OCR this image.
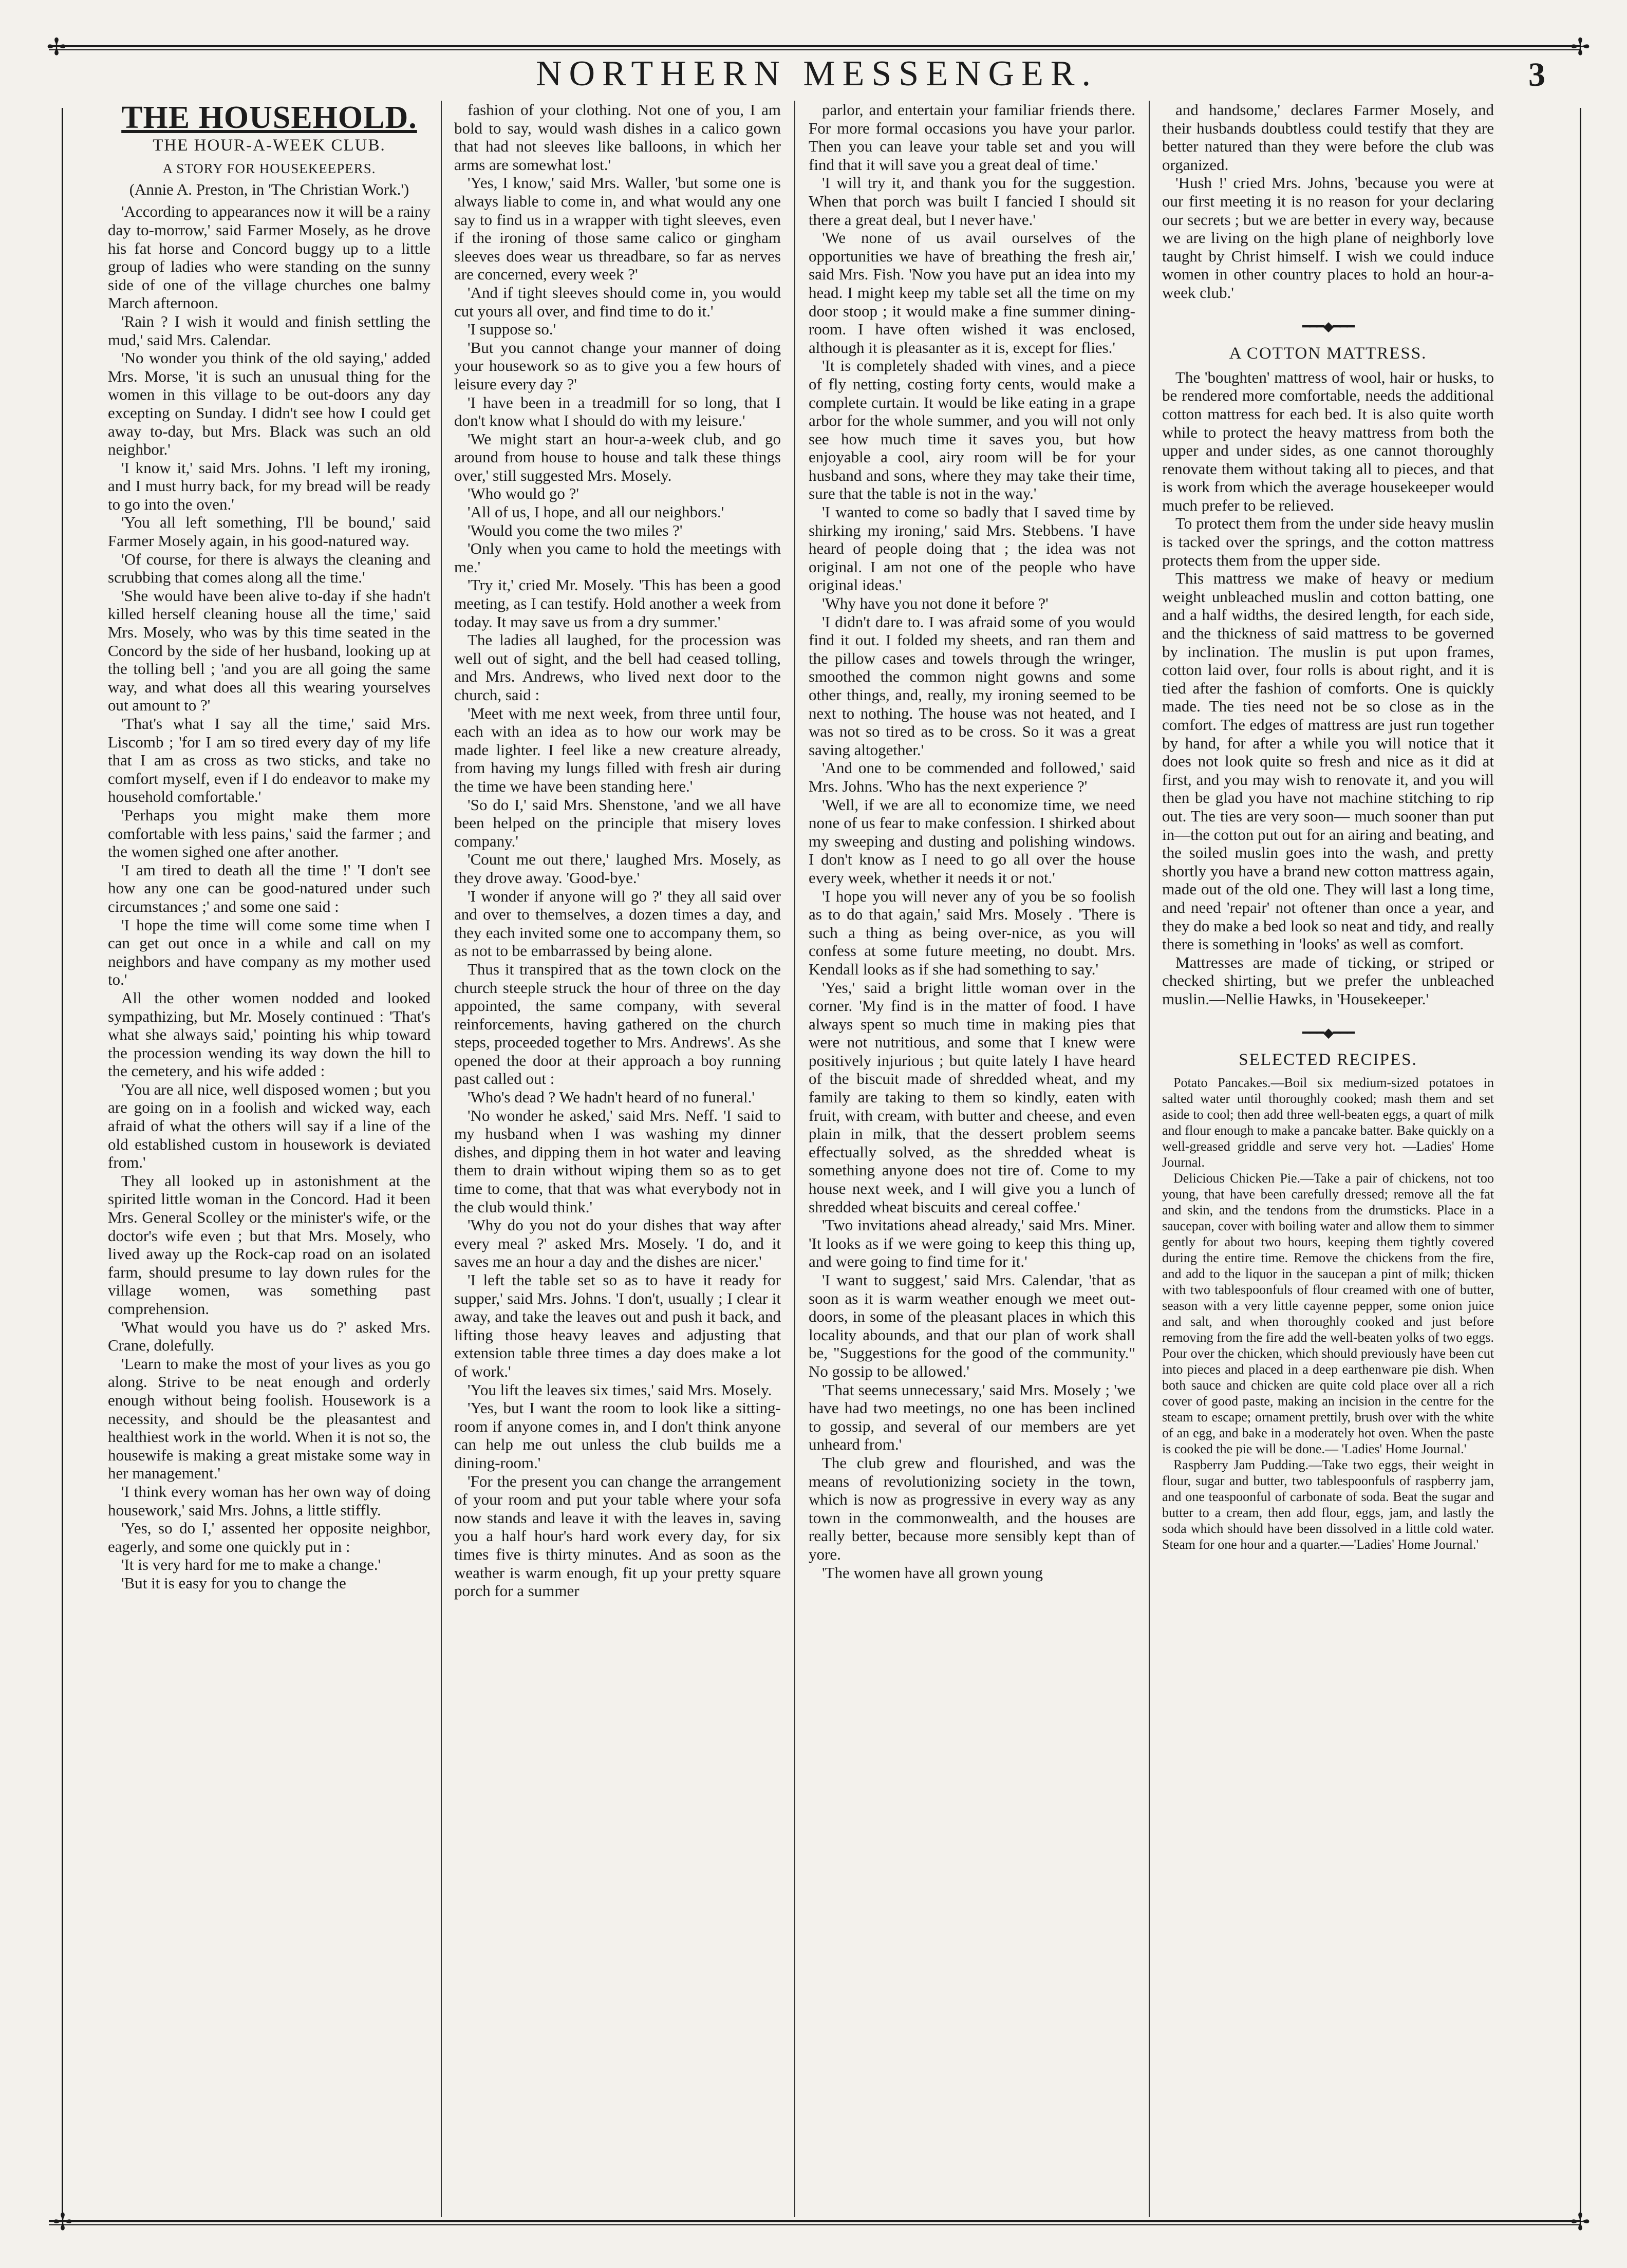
✢	✢
✢	✢
NORTHERN MESSENGER.	3
THE HOUSEHOLD.
THE HOUR-A-WEEK CLUB.
A STORY FOR HOUSEKEEPERS.
(Annie A. Preston, in 'The Christian Work.')

'According to appearances now it will be a rainy day to-morrow,' said Farmer Mosely, as he drove his fat horse and Concord buggy up to a little group of ladies who were standing on the sunny side of one of the village churches one balmy March afternoon.

'Rain ? I wish it would and finish settling the mud,' said Mrs. Calendar.

'No wonder you think of the old saying,' added Mrs. Morse, 'it is such an unusual thing for the women in this village to be out-doors any day excepting on Sunday. I didn't see how I could get away to-day, but Mrs. Black was such an old neighbor.'

'I know it,' said Mrs. Johns. 'I left my ironing, and I must hurry back, for my bread will be ready to go into the oven.'

'You all left something, I'll be bound,' said Farmer Mosely again, in his good-natured way.

'Of course, for there is always the cleaning and scrubbing that comes along all the time.'

'She would have been alive to-day if she hadn't killed herself cleaning house all the time,' said Mrs. Mosely, who was by this time seated in the Concord by the side of her husband, looking up at the tolling bell ; 'and you are all going the same way, and what does all this wearing yourselves out amount to ?'

'That's what I say all the time,' said Mrs. Liscomb ; 'for I am so tired every day of my life that I am as cross as two sticks, and take no comfort myself, even if I do endeavor to make my household comfortable.'

'Perhaps you might make them more comfortable with less pains,' said the farmer ; and the women sighed one after another.

'I am tired to death all the time !' 'I don't see how any one can be good-natured under such circumstances ;' and some one said :

'I hope the time will come some time when I can get out once in a while and call on my neighbors and have company as my mother used to.'

All the other women nodded and looked sympathizing, but Mr. Mosely continued : 'That's what she always said,' pointing his whip toward the procession wending its way down the hill to the cemetery, and his wife added :

'You are all nice, well disposed women ; but you are going on in a foolish and wicked way, each afraid of what the others will say if a line of the old established custom in housework is deviated from.'

They all looked up in astonishment at the spirited little woman in the Concord. Had it been Mrs. General Scolley or the minister's wife, or the doctor's wife even ; but that Mrs. Mosely, who lived away up the Rock-cap road on an isolated farm, should presume to lay down rules for the village women, was something past comprehension.

'What would you have us do ?' asked Mrs. Crane, dolefully.

'Learn to make the most of your lives as you go along. Strive to be neat enough and orderly enough without being foolish. Housework is a necessity, and should be the pleasantest and healthiest work in the world. When it is not so, the housewife is making a great mistake some way in her management.'

'I think every woman has her own way of doing housework,' said Mrs. Johns, a little stiffly.

'Yes, so do I,' assented her opposite neighbor, eagerly, and some one quickly put in :

'It is very hard for me to make a change.'

'But it is easy for you to change the

fashion of your clothing. Not one of you, I am bold to say, would wash dishes in a calico gown that had not sleeves like balloons, in which her arms are somewhat lost.'

'Yes, I know,' said Mrs. Waller, 'but some one is always liable to come in, and what would any one say to find us in a wrapper with tight sleeves, even if the ironing of those same calico or gingham sleeves does wear us threadbare, so far as nerves are concerned, every week ?'

'And if tight sleeves should come in, you would cut yours all over, and find time to do it.'

'I suppose so.'

'But you cannot change your manner of doing your housework so as to give you a few hours of leisure every day ?'

'I have been in a treadmill for so long, that I don't know what I should do with my leisure.'

'We might start an hour-a-week club, and go around from house to house and talk these things over,' still suggested Mrs. Mosely.

'Who would go ?'

'All of us, I hope, and all our neighbors.'

'Would you come the two miles ?'

'Only when you came to hold the meetings with me.'

'Try it,' cried Mr. Mosely. 'This has been a good meeting, as I can testify. Hold another a week from today. It may save us from a dry summer.'

The ladies all laughed, for the procession was well out of sight, and the bell had ceased tolling, and Mrs. Andrews, who lived next door to the church, said :

'Meet with me next week, from three until four, each with an idea as to how our work may be made lighter. I feel like a new creature already, from having my lungs filled with fresh air during the time we have been standing here.'

'So do I,' said Mrs. Shenstone, 'and we all have been helped on the principle that misery loves company.'

'Count me out there,' laughed Mrs. Mosely, as they drove away. 'Good-bye.'

'I wonder if anyone will go ?' they all said over and over to themselves, a dozen times a day, and they each invited some one to accompany them, so as not to be embarrassed by being alone.

Thus it transpired that as the town clock on the church steeple struck the hour of three on the day appointed, the same company, with several reinforcements, having gathered on the church steps, proceeded together to Mrs. Andrews'. As she opened the door at their approach a boy running past called out :

'Who's dead ? We hadn't heard of no funeral.'

'No wonder he asked,' said Mrs. Neff. 'I said to my husband when I was washing my dinner dishes, and dipping them in hot water and leaving them to drain without wiping them so as to get time to come, that that was what everybody not in the club would think.'

'Why do you not do your dishes that way after every meal ?' asked Mrs. Mosely. 'I do, and it saves me an hour a day and the dishes are nicer.'

'I left the table set so as to have it ready for supper,' said Mrs. Johns. 'I don't, usually ; I clear it away, and take the leaves out and push it back, and lifting those heavy leaves and adjusting that extension table three times a day does make a lot of work.'

'You lift the leaves six times,' said Mrs. Mosely.

'Yes, but I want the room to look like a sitting-room if anyone comes in, and I don't think anyone can help me out unless the club builds me a dining-room.'

'For the present you can change the arrangement of your room and put your table where your sofa now stands and leave it with the leaves in, saving you a half hour's hard work every day, for six times five is thirty minutes. And as soon as the weather is warm enough, fit up your pretty square porch for a summer

parlor, and entertain your familiar friends there. For more formal occasions you have your parlor. Then you can leave your table set and you will find that it will save you a great deal of time.'

'I will try it, and thank you for the suggestion. When that porch was built I fancied I should sit there a great deal, but I never have.'

'We none of us avail ourselves of the opportunities we have of breathing the fresh air,' said Mrs. Fish. 'Now you have put an idea into my head. I might keep my table set all the time on my door stoop ; it would make a fine summer dining-room. I have often wished it was enclosed, although it is pleasanter as it is, except for flies.'

'It is completely shaded with vines, and a piece of fly netting, costing forty cents, would make a complete curtain. It would be like eating in a grape arbor for the whole summer, and you will not only see how much time it saves you, but how enjoyable a cool, airy room will be for your husband and sons, where they may take their time, sure that the table is not in the way.'

'I wanted to come so badly that I saved time by shirking my ironing,' said Mrs. Stebbens. 'I have heard of people doing that ; the idea was not original. I am not one of the people who have original ideas.'

'Why have you not done it before ?'

'I didn't dare to. I was afraid some of you would find it out. I folded my sheets, and ran them and the pillow cases and towels through the wringer, smoothed the common night gowns and some other things, and, really, my ironing seemed to be next to nothing. The house was not heated, and I was not so tired as to be cross. So it was a great saving altogether.'

'And one to be commended and followed,' said Mrs. Johns. 'Who has the next experience ?'

'Well, if we are all to economize time, we need none of us fear to make confession. I shirked about my sweeping and dusting and polishing windows. I don't know as I need to go all over the house every week, whether it needs it or not.'

'I hope you will never any of you be so foolish as to do that again,' said Mrs. Mosely . 'There is such a thing as being over-nice, as you will confess at some future meeting, no doubt. Mrs. Kendall looks as if she had something to say.'

'Yes,' said a bright little woman over in the corner. 'My find is in the matter of food. I have always spent so much time in making pies that were not nutritious, and some that I knew were positively injurious ; but quite lately I have heard of the biscuit made of shredded wheat, and my family are taking to them so kindly, eaten with fruit, with cream, with butter and cheese, and even plain in milk, that the dessert problem seems effectually solved, as the shredded wheat is something anyone does not tire of. Come to my house next week, and I will give you a lunch of shredded wheat biscuits and cereal coffee.'

'Two invitations ahead already,' said Mrs. Miner. 'It looks as if we were going to keep this thing up, and were going to find time for it.'

'I want to suggest,' said Mrs. Calendar, 'that as soon as it is warm weather enough we meet out-doors, in some of the pleasant places in which this locality abounds, and that our plan of work shall be, "Suggestions for the good of the community." No gossip to be allowed.'

'That seems unnecessary,' said Mrs. Mosely ; 'we have had two meetings, no one has been inclined to gossip, and several of our members are yet unheard from.'

The club grew and flourished, and was the means of revolutionizing society in the town, which is now as progressive in every way as any town in the commonwealth, and the houses are really better, because more sensibly kept than of yore.

'The women have all grown young

and handsome,' declares Farmer Mosely, and their husbands doubtless could testify that they are better natured than they were before the club was organized.

'Hush !' cried Mrs. Johns, 'because you were at our first meeting it is no reason for your declaring our secrets ; but we are better in every way, because we are living on the high plane of neighborly love taught by Christ himself. I wish we could induce women in other country places to hold an hour-a-week club.'

━━━◆━━━
A COTTON MATTRESS.

The 'boughten' mattress of wool, hair or husks, to be rendered more comfortable, needs the additional cotton mattress for each bed. It is also quite worth while to protect the heavy mattress from both the upper and under sides, as one cannot thoroughly renovate them without taking all to pieces, and that is work from which the average housekeeper would much prefer to be relieved.

To protect them from the under side heavy muslin is tacked over the springs, and the cotton mattress protects them from the upper side.

This mattress we make of heavy or medium weight unbleached muslin and cotton batting, one and a half widths, the desired length, for each side, and the thickness of said mattress to be governed by inclination. The muslin is put upon frames, cotton laid over, four rolls is about right, and it is tied after the fashion of comforts. One is quickly made. The ties need not be so close as in the comfort. The edges of mattress are just run together by hand, for after a while you will notice that it does not look quite so fresh and nice as it did at first, and you may wish to renovate it, and you will then be glad you have not machine stitching to rip out. The ties are very soon— much sooner than put in—the cotton put out for an airing and beating, and the soiled muslin goes into the wash, and pretty shortly you have a brand new cotton mattress again, made out of the old one. They will last a long time, and need 'repair' not oftener than once a year, and they do make a bed look so neat and tidy, and really there is something in 'looks' as well as comfort.

Mattresses are made of ticking, or striped or checked shirting, but we prefer the unbleached muslin.—Nellie Hawks, in 'Housekeeper.'

━━━◆━━━
SELECTED RECIPES.

Potato Pancakes.—Boil six medium-sized potatoes in salted water until thoroughly cooked; mash them and set aside to cool; then add three well-beaten eggs, a quart of milk and flour enough to make a pancake batter. Bake quickly on a well-greased griddle and serve very hot. —Ladies' Home Journal.

Delicious Chicken Pie.—Take a pair of chickens, not too young, that have been carefully dressed; remove all the fat and skin, and the tendons from the drumsticks. Place in a saucepan, cover with boiling water and allow them to simmer gently for about two hours, keeping them tightly covered during the entire time. Remove the chickens from the fire, and add to the liquor in the saucepan a pint of milk; thicken with two tablespoonfuls of flour creamed with one of butter, season with a very little cayenne pepper, some onion juice and salt, and when thoroughly cooked and just before removing from the fire add the well-beaten yolks of two eggs. Pour over the chicken, which should previously have been cut into pieces and placed in a deep earthenware pie dish. When both sauce and chicken are quite cold place over all a rich cover of good paste, making an incision in the centre for the steam to escape; ornament prettily, brush over with the white of an egg, and bake in a moderately hot oven. When the paste is cooked the pie will be done.— 'Ladies' Home Journal.'

Raspberry Jam Pudding.—Take two eggs, their weight in flour, sugar and butter, two tablespoonfuls of raspberry jam, and one teaspoonful of carbonate of soda. Beat the sugar and butter to a cream, then add flour, eggs, jam, and lastly the soda which should have been dissolved in a little cold water. Steam for one hour and a quarter.—'Ladies' Home Journal.'
